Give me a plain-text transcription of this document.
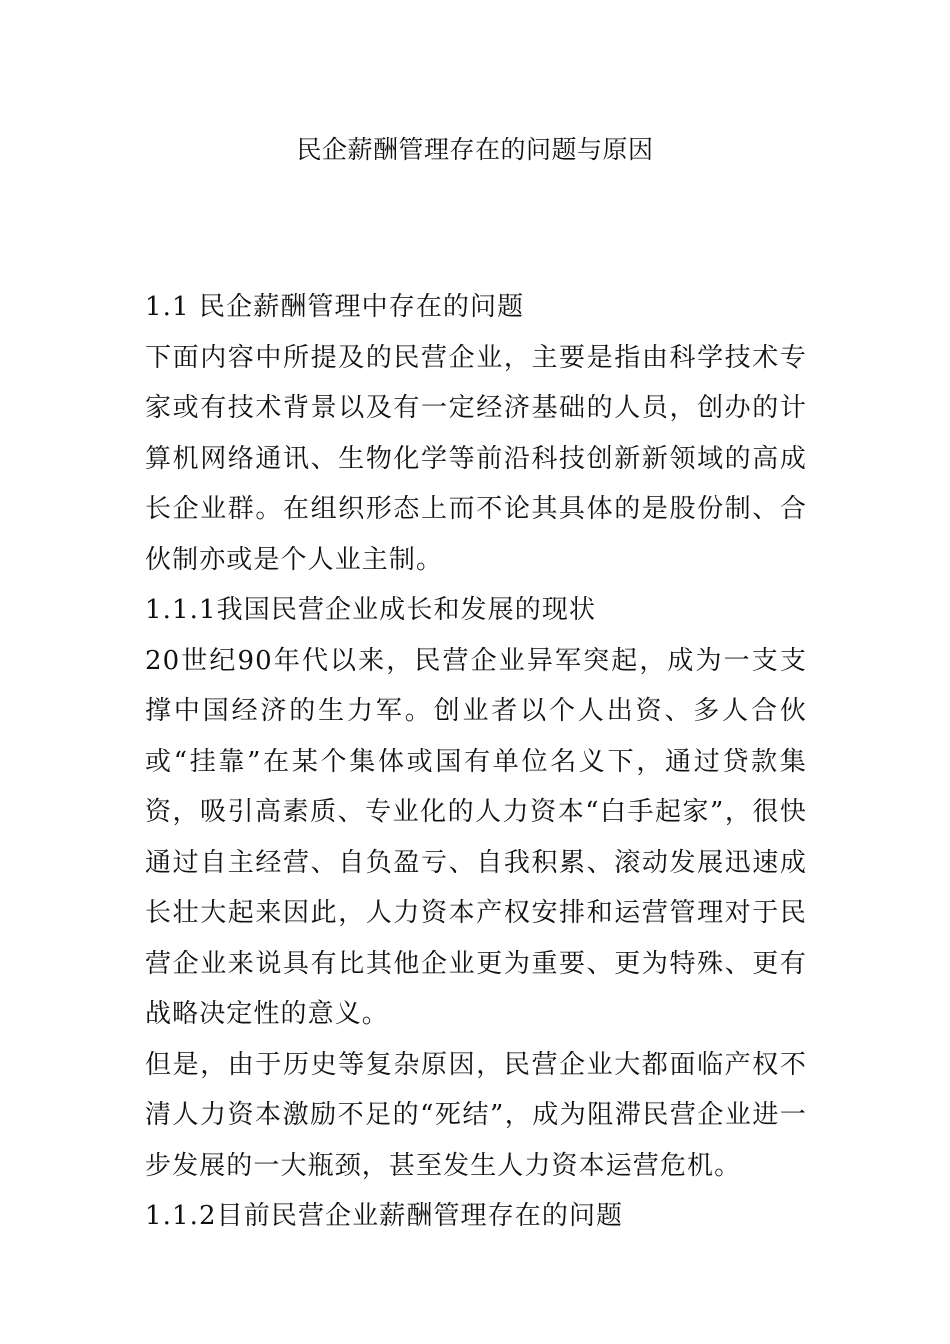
民企薪酬管理存在的问题与原因
1.1 民企薪酬管理中存在的问题

下面内容中所提及的民营企业，主要是指由科学技术专家或有技术背景以及有一定经济基础的人员，创办的计算机网络通讯、生物化学等前沿科技创新新领域的高成长企业群。在组织形态上而不论其具体的是股份制、合伙制亦或是个人业主制。

1.1.1我国民营企业成长和发展的现状

20世纪90年代以来，民营企业异军突起，成为一支支撑中国经济的生力军。创业者以个人出资、多人合伙或“挂靠”在某个集体或国有单位名义下，通过贷款集资，吸引高素质、专业化的人力资本“白手起家”，很快通过自主经营、自负盈亏、自我积累、滚动发展迅速成长壮大起来因此，人力资本产权安排和运营管理对于民营企业来说具有比其他企业更为重要、更为特殊、更有战略决定性的意义。

但是，由于历史等复杂原因，民营企业大都面临产权不清人力资本激励不足的“死结”，成为阻滞民营企业进一步发展的一大瓶颈，甚至发生人力资本运营危机。

1.1.2目前民营企业薪酬管理存在的问题
